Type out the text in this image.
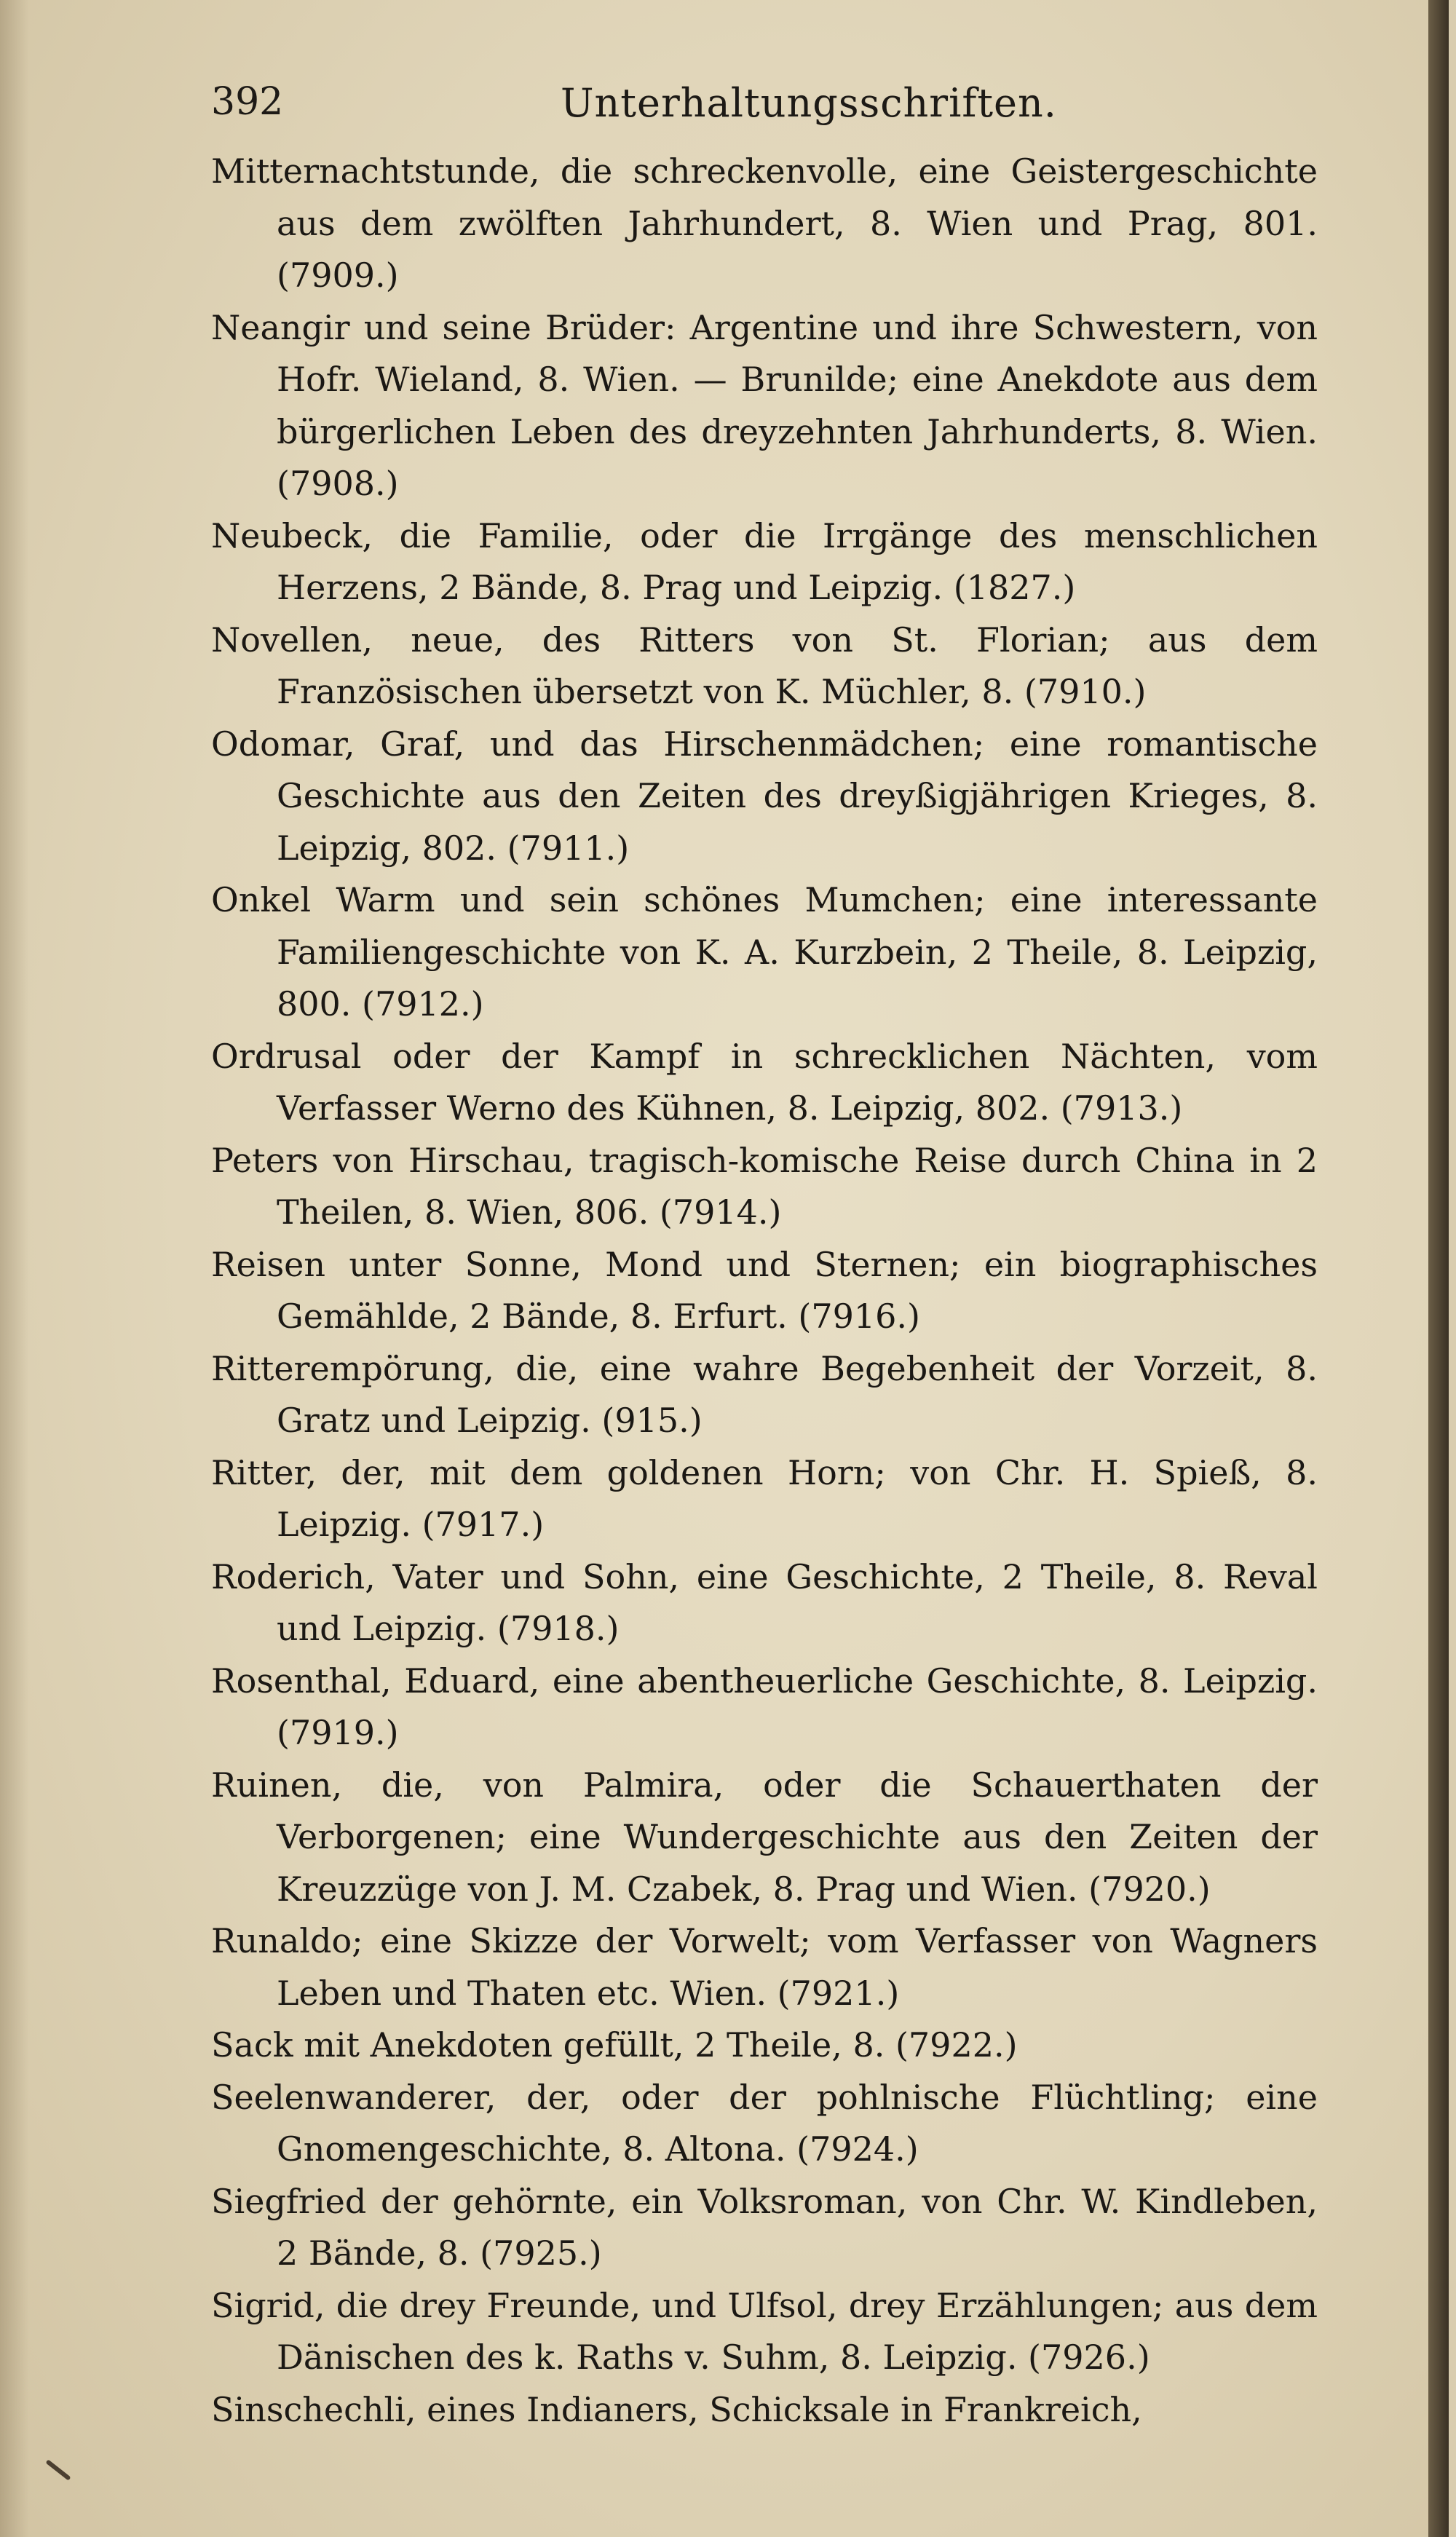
392	Unterhaltungsschriften.

Mitternachtstunde, die schreckenvolle, eine Geistergeschichte aus dem zwölften Jahrhundert, 8. Wien und Prag, 801. (7909.)

Neangir und seine Brüder: Argentine und ihre Schwestern, von Hofr. Wieland, 8. Wien. — Brunilde; eine Anekdote aus dem bürgerlichen Leben des dreyzehnten Jahrhunderts, 8. Wien. (7908.)

Neubeck, die Familie, oder die Irrgänge des menschlichen Herzens, 2 Bände, 8. Prag und Leipzig. (1827.)

Novellen, neue, des Ritters von St. Florian; aus dem Französischen übersetzt von K. Müchler, 8. (7910.)

Odomar, Graf, und das Hirschenmädchen; eine romantische Geschichte aus den Zeiten des dreyßigjährigen Krieges, 8. Leipzig, 802. (7911.)

Onkel Warm und sein schönes Mumchen; eine interessante Familiengeschichte von K. A. Kurzbein, 2 Theile, 8. Leipzig, 800. (7912.)

Ordrusal oder der Kampf in schrecklichen Nächten, vom Verfasser Werno des Kühnen, 8. Leipzig, 802. (7913.)

Peters von Hirschau, tragisch-komische Reise durch China in 2 Theilen, 8. Wien, 806. (7914.)

Reisen unter Sonne, Mond und Sternen; ein biographisches Gemählde, 2 Bände, 8. Erfurt. (7916.)

Ritterempörung, die, eine wahre Begebenheit der Vorzeit, 8. Gratz und Leipzig. (915.)

Ritter, der, mit dem goldenen Horn; von Chr. H. Spieß, 8. Leipzig. (7917.)

Roderich, Vater und Sohn, eine Geschichte, 2 Theile, 8. Reval und Leipzig. (7918.)

Rosenthal, Eduard, eine abentheuerliche Geschichte, 8. Leipzig. (7919.)

Ruinen, die, von Palmira, oder die Schauerthaten der Verborgenen; eine Wundergeschichte aus den Zeiten der Kreuzzüge von J. M. Czabek, 8. Prag und Wien. (7920.)

Runaldo; eine Skizze der Vorwelt; vom Verfasser von Wagners Leben und Thaten etc. Wien. (7921.)

Sack mit Anekdoten gefüllt, 2 Theile, 8. (7922.)

Seelenwanderer, der, oder der pohlnische Flüchtling; eine Gnomengeschichte, 8. Altona. (7924.)

Siegfried der gehörnte, ein Volksroman, von Chr. W. Kindleben, 2 Bände, 8. (7925.)

Sigrid, die drey Freunde, und Ulfsol, drey Erzählungen; aus dem Dänischen des k. Raths v. Suhm, 8. Leipzig. (7926.)

Sinschechli, eines Indianers, Schicksale in Frankreich,
